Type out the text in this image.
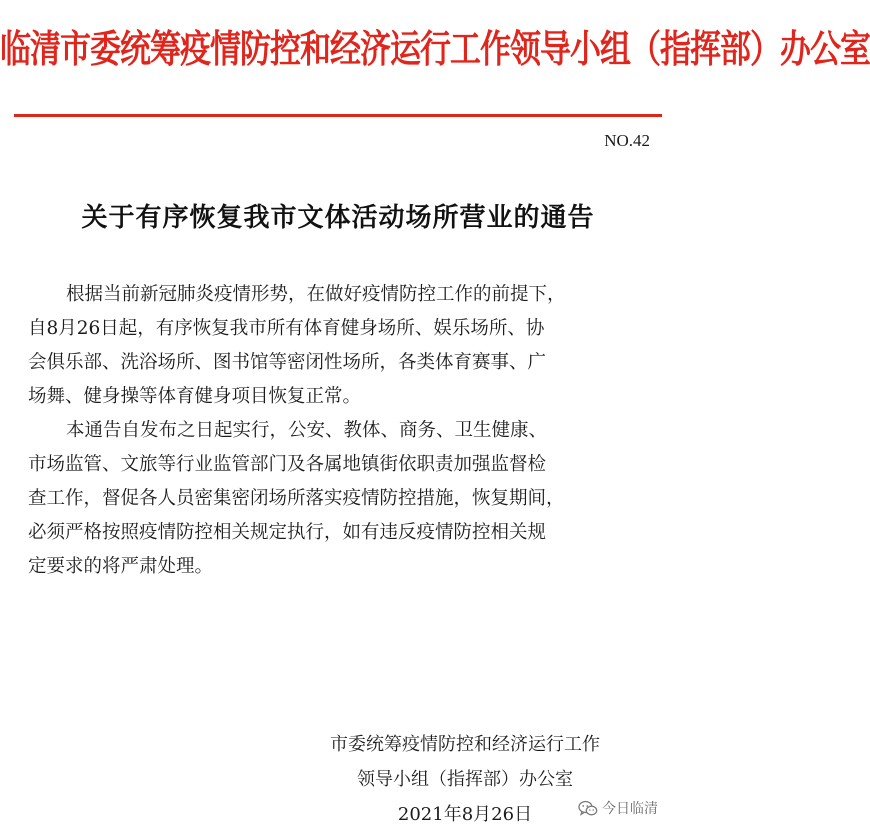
临清市委统筹疫情防控和经济运行工作领导小组（指挥部）办公室
NO.42
关于有序恢复我市文体活动场所营业的通告
根据当前新冠肺炎疫情形势，在做好疫情防控工作的前提下，
自8月26日起，有序恢复我市所有体育健身场所、娱乐场所、协
会俱乐部、洗浴场所、图书馆等密闭性场所，各类体育赛事、广
场舞、健身操等体育健身项目恢复正常。
本通告自发布之日起实行，公安、教体、商务、卫生健康、
市场监管、文旅等行业监管部门及各属地镇街依职责加强监督检
查工作，督促各人员密集密闭场所落实疫情防控措施，恢复期间，
必须严格按照疫情防控相关规定执行，如有违反疫情防控相关规
定要求的将严肃处理。
市委统筹疫情防控和经济运行工作
领导小组（指挥部）办公室
2021年8月26日	今日临清
